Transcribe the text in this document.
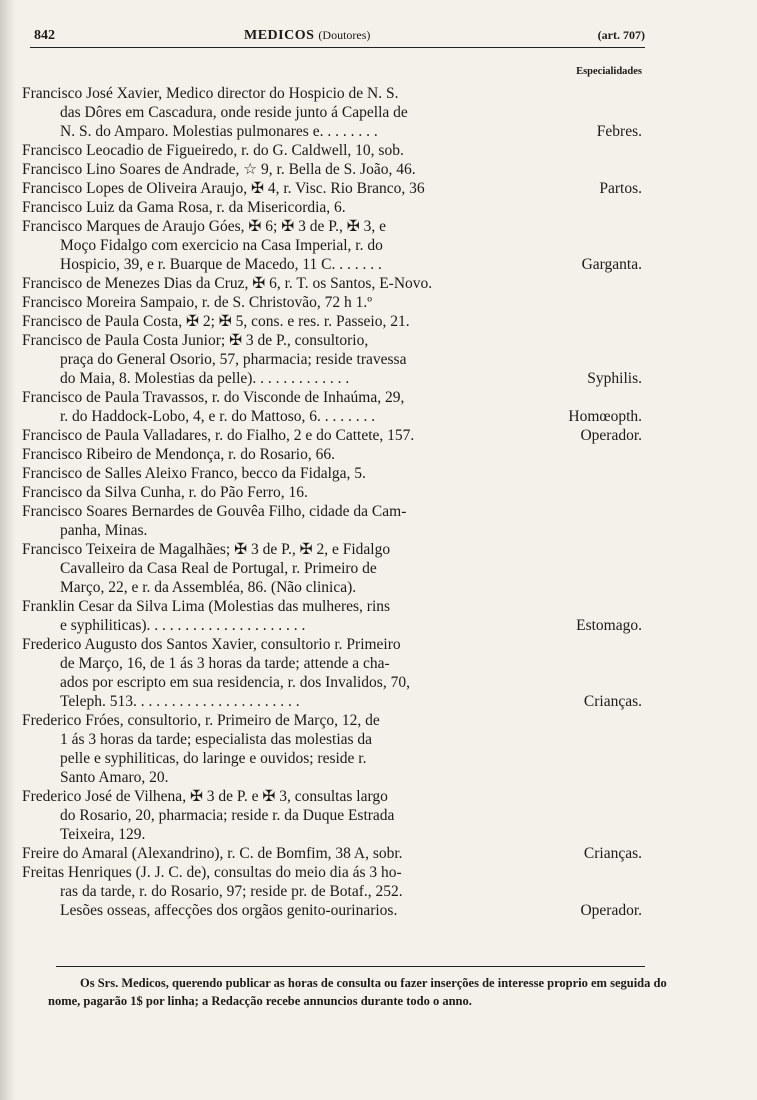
842	MEDICOS (Doutores)	(art. 707)
Especialidades
Francisco José Xavier, Medico director do Hospicio de N. S.
das Dôres em Cascadura, onde reside junto á Capella de
N. S. do Amparo. Molestias pulmonares e. . . . . . . .	Febres.
Francisco Leocadio de Figueiredo, r. do G. Caldwell, 10, sob.
Francisco Lino Soares de Andrade, ☆ 9, r. Bella de S. João, 46.
Francisco Lopes de Oliveira Araujo, ✠ 4, r. Visc. Rio Branco, 36	Partos.
Francisco Luiz da Gama Rosa, r. da Misericordia, 6.
Francisco Marques de Araujo Góes, ✠ 6; ✠ 3 de P., ✠ 3, e
Moço Fidalgo com exercicio na Casa Imperial, r. do
Hospicio, 39, e r. Buarque de Macedo, 11 C. . . . . . .	Garganta.
Francisco de Menezes Dias da Cruz, ✠ 6, r. T. os Santos, E-Novo.
Francisco Moreira Sampaio, r. de S. Christovão, 72 h 1.º
Francisco de Paula Costa, ✠ 2; ✠ 5, cons. e res. r. Passeio, 21.
Francisco de Paula Costa Junior; ✠ 3 de P., consultorio,
praça do General Osorio, 57, pharmacia; reside travessa
do Maia, 8. Molestias da pelle). . . . . . . . . . . . .	Syphilis.
Francisco de Paula Travassos, r. do Visconde de Inhaúma, 29,
r. do Haddock-Lobo, 4, e r. do Mattoso, 6. . . . . . . .	Homœopth.
Francisco de Paula Valladares, r. do Fialho, 2 e do Cattete, 157.	Operador.
Francisco Ribeiro de Mendonça, r. do Rosario, 66.
Francisco de Salles Aleixo Franco, becco da Fidalga, 5.
Francisco da Silva Cunha, r. do Pão Ferro, 16.
Francisco Soares Bernardes de Gouvêa Filho, cidade da Cam-
panha, Minas.
Francisco Teixeira de Magalhães; ✠ 3 de P., ✠ 2, e Fidalgo
Cavalleiro da Casa Real de Portugal, r. Primeiro de
Março, 22, e r. da Assembléa, 86. (Não clinica).
Franklin Cesar da Silva Lima (Molestias das mulheres, rins
e syphiliticas). . . . . . . . . . . . . . . . . . . . .	Estomago.
Frederico Augusto dos Santos Xavier, consultorio r. Primeiro
de Março, 16, de 1 ás 3 horas da tarde; attende a cha-
ados por escripto em sua residencia, r. dos Invalidos, 70,
Teleph. 513. . . . . . . . . . . . . . . . . . . . . .	Crianças.
Frederico Fróes, consultorio, r. Primeiro de Março, 12, de
1 ás 3 horas da tarde; especialista das molestias da
pelle e syphiliticas, do laringe e ouvidos; reside r.
Santo Amaro, 20.
Frederico José de Vilhena, ✠ 3 de P. e ✠ 3, consultas largo
do Rosario, 20, pharmacia; reside r. da Duque Estrada
Teixeira, 129.
Freire do Amaral (Alexandrino), r. C. de Bomfim, 38 A, sobr.	Crianças.
Freitas Henriques (J. J. C. de), consultas do meio dia ás 3 ho-
ras da tarde, r. do Rosario, 97; reside pr. de Botaf., 252.
Lesões osseas, affecções dos orgãos genito-ourinarios.	Operador.

Os Srs. Medicos, querendo publicar as horas de consulta ou fazer inserções de interesse proprio em seguida do nome, pagarão 1$ por linha; a Redacção recebe annuncios durante todo o anno.
